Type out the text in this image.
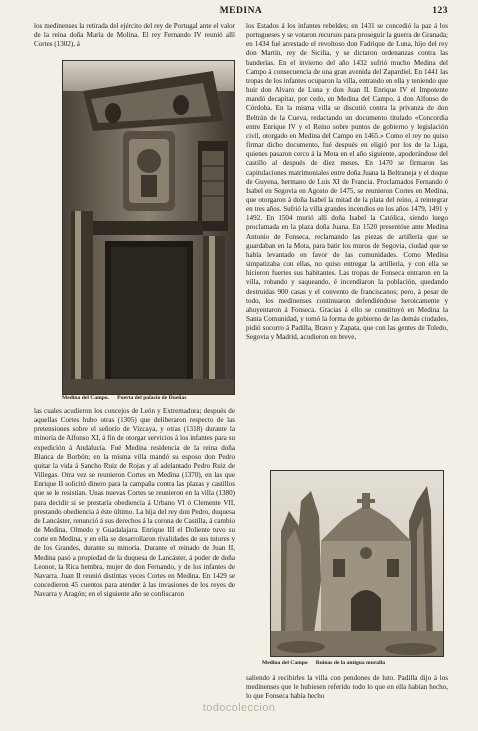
MEDINA	123

los medinenses la retirada del ejército del rey de Portugal ante el valor de la reina doña María de Molina. El rey Fernando IV reunió allí Cortes (1302), á

Medina del Campo. Puerta del palacio de Dueñas

las cuales acudieron los concejos de León y Extremadura; después de aquellas Cortes hubo otras (1305) que deliberaron respecto de las pretensiones sobre el señorío de Vizcaya, y otras (1318) durante la minoría de Alfonso XI, á fin de otorgar servicios á los infantes para su expedición á Andalucía. Fué Medina residencia de la reina doña Blanca de Borbón; en la misma villa mandó su esposo don Pedro quitar la vida á Sancho Ruiz de Rojas y al adelantado Pedro Ruiz de Villegas. Otra vez se reunieron Cortes en Medina (1370), en las que Enrique II solicitó dinero para la campaña contra las plazas y castillos que se le resistían. Unas nuevas Cortes se reunieron en la villa (1380) para decidir si se prestaría obediencia á Urbano VI ó Clemente VII, prestando obediencia á éste último. La hija del rey don Pedro, duquesa de Lancáster, renunció á sus derechos á la corona de Castilla, á cambio de Medina, Olmedo y Guadalajara. Enrique III el Doliente tuvo su corte en Medina, y en ella se desarrollaron rivalidades de sus tutores y de los Grandes, durante su minoría. Durante el reinado de Juan II, Medina pasó a propiedad de la duquesa de Lancáster, á poder de doña Leonor, la Rica hembra, mujer de don Fernando, y de los infantes de Navarra. Juan II reunió distintas veces Cortes en Medina. En 1429 se concedieron 45 cuentos para atender á las invasiones de los reyes de Navarra y Aragón; en el siguiente año se confiscaron

los Estados á los infantes rebeldes; en 1431 se concedió la paz á los portugueses y se votaron recursos para proseguir la guerra de Granada; en 1434 fué arrestado el revoltoso don Fadrique de Luna, hijo del rey don Martín, rey de Sicilia, y se dictaron ordenanzas contra las banderías. En el invierno del año 1432 sufrió mucho Medina del Campo á consecuencia de una gran avenida del Zapardiel. En 1441 las tropas de los infantes ocuparon la villa, entrando en ella y teniendo que huir don Alvaro de Luna y don Juan II. Enrique IV el Impotente mandó decapitar, por cedo, en Medina del Campo, á don Alfonso de Córdoba. En la misma villa se discutió contra la privanza de don Beltrán de la Cueva, redactando un documento titulado «Concordia entre Enrique IV y el Reino sobre puntos de gobierno y legislación civil, otorgado en Medina del Campo en 1465.» Como el rey no quiso firmar dicho documento, fué después en eligió por los de la Liga, quienes pasaron cerco á la Mota en el año siguiente, apoderándose del castillo al después de diez meses. En 1470 se firmaron las capitulaciones matrimoniales entre doña Juana la Beltraneja y el duque de Guyena, hermano de Luis XI de Francia. Proclamados Fernando é Isabel en Segovia en Agosto de 1475, se reunieron Cortes en Medina, que otorgaron á doña Isabel la mitad de la plata del reino, á reintegrar en tres años. Sufrió la villa grandes incendios en los años 1479, 1491 y 1492. En 1504 murió allí doña Isabel la Católica, siendo luego proclamada en la plaza doña Juana. En 1520 presentóse ante Medina Antonio de Fonseca, reclamando las piezas de artillería que se guardaban en la Mota, para batir los muros de Segovia, ciudad que se había levantado en favor de las comunidades. Como Medina simpatizaba con ellas, no quiso entregar la artillería, y con ella se hicieron fuertes sus habitantes. Las tropas de Fonseca entraron en la villa, robando y saqueando, é incendiaron la población, quedando destruidas 900 casas y el convento de franciscanos; pero, á pesar de todo, los medinenses continuaron defendiéndose heroicamente y ahuyentaron á Fonseca. Gracias á ello se constituyó en Medina la Santa Comunidad, y tomó la forma de gobierno de las demás ciudades, pidió socorro á Padilla, Bravo y Zapata, que con las gentes de Toledo, Segovia y Madrid, acudieron en breve,

Medina del Campo Ruinas de la antigua muralla

saliendo á recibirles la villa con pendones de luto. Padilla dijo á los medinenses que le hubiesen referido todo lo que en ella habían hecho, lo que Fonseca había hecho

todocoleccion
